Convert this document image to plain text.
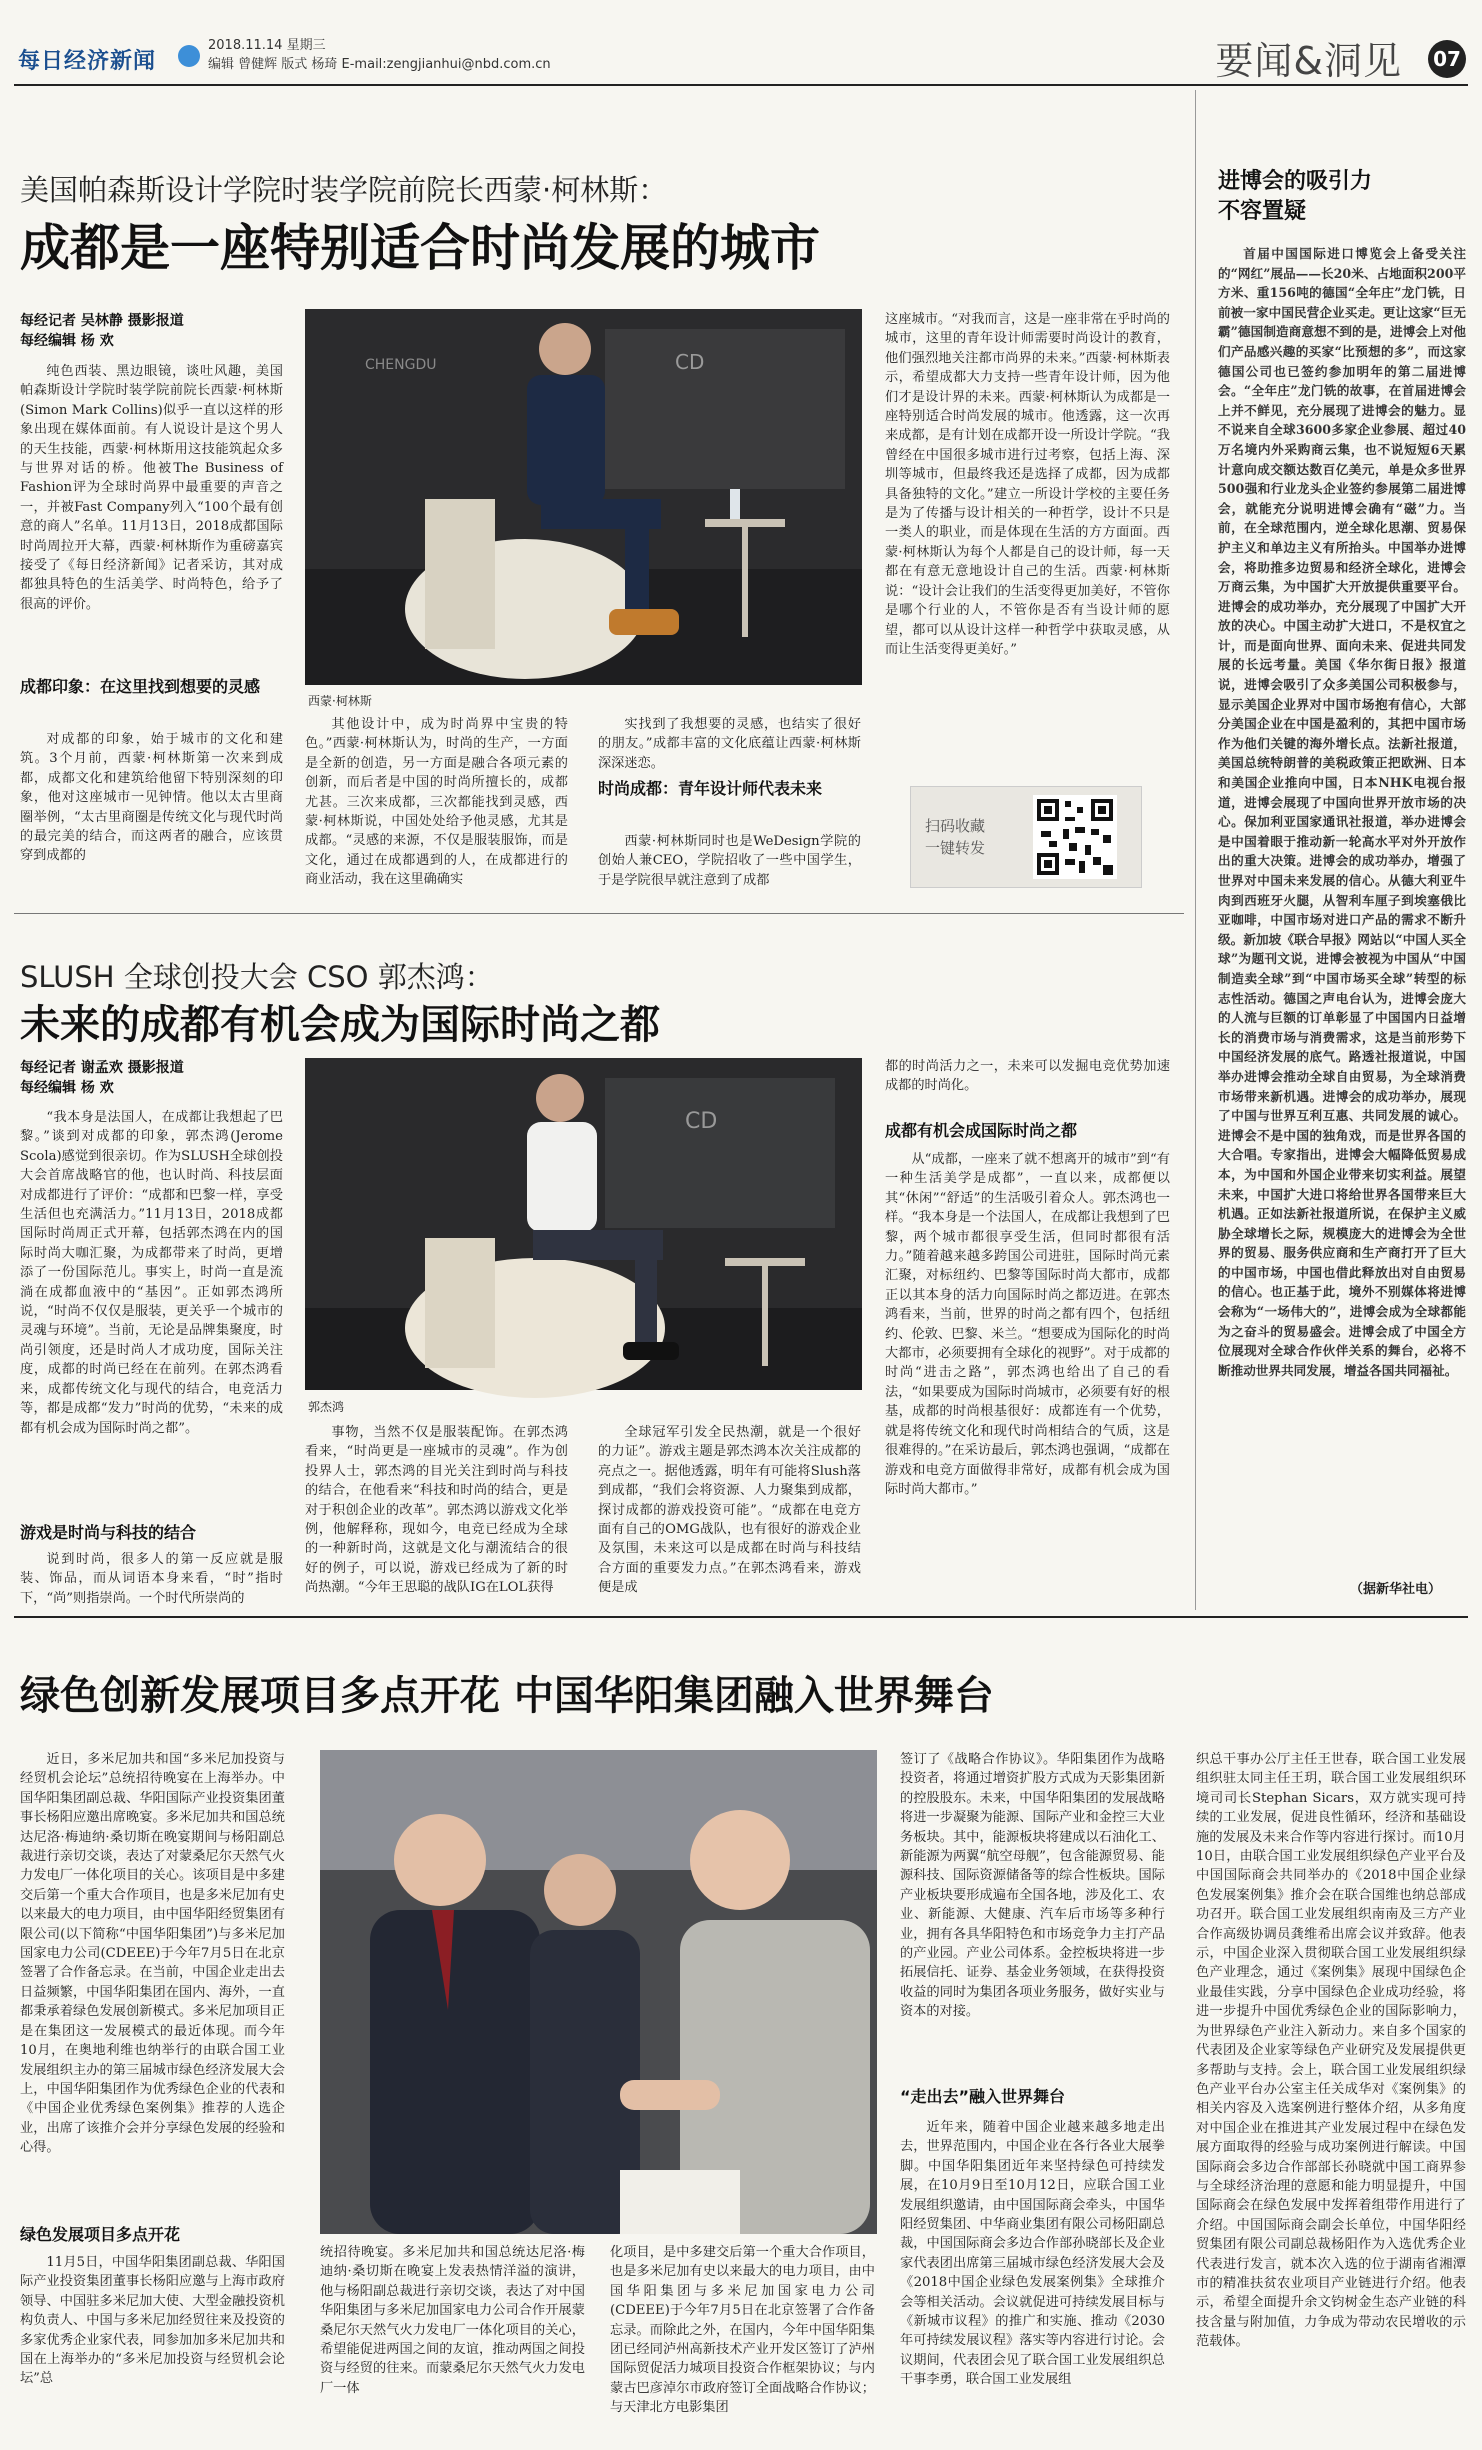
每日经济新闻
2018.11.14 星期三
编辑 曾健辉 版式 杨琦 E-mail:zengjianhui@nbd.com.cn	要闻&洞见 07
美国帕森斯设计学院时装学院前院长西蒙·柯林斯：
成都是一座特别适合时尚发展的城市
每经记者 吴林静 摄影报道
每经编辑 杨 欢
纯色西装、黑边眼镜，谈吐风趣，美国帕森斯设计学院时装学院前院长西蒙·柯林斯(Simon Mark Collins)似乎一直以这样的形象出现在媒体面前。有人说设计是这个男人的天生技能，西蒙·柯林斯用这技能筑起众多与世界对话的桥。他被The Business of Fashion评为全球时尚界中最重要的声音之一，并被Fast Company列入“100个最有创意的商人”名单。11月13日，2018成都国际时尚周拉开大幕，西蒙·柯林斯作为重磅嘉宾接受了《每日经济新闻》记者采访，其对成都独具特色的生活美学、时尚特色，给予了很高的评价。
成都印象：在这里找到想要的灵感
对成都的印象，始于城市的文化和建筑。3个月前，西蒙·柯林斯第一次来到成都，成都文化和建筑给他留下特别深刻的印象，他对这座城市一见钟情。他以太古里商圈举例，“太古里商圈是传统文化与现代时尚的最完美的结合，而这两者的融合，应该贯穿到成都的
CD
CHENGDU
西蒙·柯林斯
其他设计中，成为时尚界中宝贵的特色。”西蒙·柯林斯认为，时尚的生产，一方面是全新的创造，另一方面是融合各项元素的创新，而后者是中国的时尚所擅长的，成都尤甚。三次来成都，三次都能找到灵感，西蒙·柯林斯说，中国处处给予他灵感，尤其是成都。“灵感的来源，不仅是服装服饰，而是文化，通过在成都遇到的人，在成都进行的商业活动，我在这里确确实
实找到了我想要的灵感，也结实了很好的朋友。”成都丰富的文化底蕴让西蒙·柯林斯深深迷恋。
时尚成都：青年设计师代表未来
西蒙·柯林斯同时也是WeDesign学院的创始人兼CEO，学院招收了一些中国学生，于是学院很早就注意到了成都
这座城市。“对我而言，这是一座非常在乎时尚的城市，这里的青年设计师需要时尚设计的教育，他们强烈地关注都市尚界的未来。”西蒙·柯林斯表示，希望成都大力支持一些青年设计师，因为他们才是设计界的未来。西蒙·柯林斯认为成都是一座特别适合时尚发展的城市。他透露，这一次再来成都，是有计划在成都开设一所设计学院。“我曾经在中国很多城市进行过考察，包括上海、深圳等城市，但最终我还是选择了成都，因为成都具备独特的文化。”建立一所设计学校的主要任务是为了传播与设计相关的一种哲学，设计不只是一类人的职业，而是体现在生活的方方面面。西蒙·柯林斯认为每个人都是自己的设计师，每一天都在有意无意地设计自己的生活。西蒙·柯林斯说：“设计会让我们的生活变得更加美好，不管你是哪个行业的人，不管你是否有当设计师的愿望，都可以从设计这样一种哲学中获取灵感，从而让生活变得更美好。”
扫码收藏
一键转发
SLUSH 全球创投大会 CSO 郭杰鸿：
未来的成都有机会成为国际时尚之都
每经记者 谢孟欢 摄影报道
每经编辑 杨 欢
“我本身是法国人，在成都让我想起了巴黎。”谈到对成都的印象，郭杰鸿(Jerome Scola)感觉到很亲切。作为SLUSH全球创投大会首席战略官的他，也认时尚、科技层面对成都进行了评价：“成都和巴黎一样，享受生活但也充满活力。”11月13日，2018成都国际时尚周正式开幕，包括郭杰鸿在内的国际时尚大咖汇聚，为成都带来了时尚，更增添了一份国际范儿。事实上，时尚一直是流淌在成都血液中的“基因”。正如郭杰鸿所说，“时尚不仅仅是服装，更关乎一个城市的灵魂与环境”。当前，无论是品牌集聚度，时尚引领度，还是时尚人才成功度，国际关注度，成都的时尚已经在在前列。在郭杰鸿看来，成都传统文化与现代的结合，电竞活力等，都是成都“发力”时尚的优势，“未来的成都有机会成为国际时尚之都”。
游戏是时尚与科技的结合
说到时尚，很多人的第一反应就是服装、饰品，而从词语本身来看，“时”指时下，“尚”则指崇尚。一个时代所崇尚的
CD
郭杰鸿
事物，当然不仅是服装配饰。在郭杰鸿看来，“时尚更是一座城市的灵魂”。作为创投界人士，郭杰鸿的目光关注到时尚与科技的结合，在他看来“科技和时尚的结合，更是对于积创企业的改革”。郭杰鸿以游戏文化举例，他解释称，现如今，电竞已经成为全球的一种新时尚，这就是文化与潮流结合的很好的例子，可以说，游戏已经成为了新的时尚热潮。“今年王思聪的战队IG在LOL获得
全球冠军引发全民热潮，就是一个很好的力证”。游戏主题是郭杰鸿本次关注成都的亮点之一。据他透露，明年有可能将Slush落到成都，“我们会将资源、人力聚集到成都，探讨成都的游戏投资可能”。“成都在电竞方面有自己的OMG战队，也有很好的游戏企业及氛围，未来这可以是成都在时尚与科技结合方面的重要发力点。”在郭杰鸿看来，游戏便是成
都的时尚活力之一，未来可以发掘电竞优势加速成都的时尚化。
成都有机会成国际时尚之都
从“成都，一座来了就不想离开的城市”到“有一种生活美学是成都”，一直以来，成都便以其“休闲”“舒适”的生活吸引着众人。郭杰鸿也一样。“我本身是一个法国人，在成都让我想到了巴黎，两个城市都很享受生活，但同时都很有活力。”随着越来越多跨国公司进驻，国际时尚元素汇聚，对标纽约、巴黎等国际时尚大都市，成都正以其本身的活力向国际时尚之都迈进。在郭杰鸿看来，当前，世界的时尚之都有四个，包括纽约、伦敦、巴黎、米兰。“想要成为国际化的时尚大都市，必须要拥有全球化的视野”。对于成都的时尚“进击之路”，郭杰鸿也给出了自己的看法，“如果要成为国际时尚城市，必须要有好的根基，成都的时尚根基很好：成都连有一个优势，就是将传统文化和现代时尚相结合的气质，这是很难得的。”在采访最后，郭杰鸿也强调，“成都在游戏和电竞方面做得非常好，成都有机会成为国际时尚大都市。”
进博会的吸引力
不容置疑
首届中国国际进口博览会上备受关注的“网红”展品——长20米、占地面积200平方米、重156吨的德国“全年庄”龙门铣，日前被一家中国民营企业买走。更让这家“巨无霸”德国制造商意想不到的是，进博会上对他们产品感兴趣的买家“比预想的多”，而这家德国公司也已签约参加明年的第二届进博会。“全年庄”龙门铣的故事，在首届进博会上并不鲜见，充分展现了进博会的魅力。显不说来自全球3600多家企业参展、超过40万名境内外采购商云集，也不说短短6天累计意向成交额达数百亿美元，单是众多世界500强和行业龙头企业签约参展第二届进博会，就能充分说明进博会确有“磁”力。当前，在全球范围内，逆全球化思潮、贸易保护主义和单边主义有所抬头。中国举办进博会，将助推多边贸易和经济全球化，进博会万商云集，为中国扩大开放提供重要平台。进博会的成功举办，充分展现了中国扩大开放的决心。中国主动扩大进口，不是权宜之计，而是面向世界、面向未来、促进共同发展的长远考量。美国《华尔街日报》报道说，进博会吸引了众多美国公司积极参与，显示美国企业界对中国市场抱有信心，大部分美国企业在中国是盈利的，其把中国市场作为他们关键的海外增长点。法新社报道，美国总统特朗普的美税政策正把欧洲、日本和美国企业推向中国，日本NHK电视台报道，进博会展现了中国向世界开放市场的决心。保加利亚国家通讯社报道，举办进博会是中国着眼于推动新一轮高水平对外开放作出的重大决策。进博会的成功举办，增强了世界对中国未来发展的信心。从德大利亚牛肉到西班牙火腿，从智利车厘子到埃塞俄比亚咖啡，中国市场对进口产品的需求不断升级。新加坡《联合早报》网站以“中国人买全球”为题刊文说，进博会被视为中国从“中国制造卖全球”到“中国市场买全球”转型的标志性活动。德国之声电台认为，进博会庞大的人流与巨额的订单彰显了中国国内日益增长的消费市场与消费需求，这是当前形势下中国经济发展的底气。路透社报道说，中国举办进博会推动全球自由贸易，为全球消费市场带来新机遇。进博会的成功举办，展现了中国与世界互利互惠、共同发展的诚心。进博会不是中国的独角戏，而是世界各国的大合唱。专家指出，进博会大幅降低贸易成本，为中国和外国企业带来切实利益。展望未来，中国扩大进口将给世界各国带来巨大机遇。正如法新社报道所说，在保护主义威胁全球增长之际，规模庞大的进博会为全世界的贸易、服务供应商和生产商打开了巨大的中国市场，中国也借此释放出对自由贸易的信心。也正基于此，境外不别媒体将进博会称为“一场伟大的”，进博会成为全球都能为之奋斗的贸易盛会。进博会成了中国全方位展现对全球合作伙伴关系的舞台，必将不断推动世界共同发展，增益各国共同福祉。
（据新华社电）
绿色创新发展项目多点开花 中国华阳集团融入世界舞台
近日，多米尼加共和国“多米尼加投资与经贸机会论坛”总统招待晚宴在上海举办。中国华阳集团副总裁、华阳国际产业投资集团董事长杨阳应邀出席晚宴。多米尼加共和国总统达尼洛·梅迪纳·桑切斯在晚宴期间与杨阳副总裁进行亲切交谈，表达了对蒙桑尼尔天然气火力发电厂一体化项目的关心。该项目是中多建交后第一个重大合作项目，也是多米尼加有史以来最大的电力项目，由中国华阳经贸集团有限公司(以下简称“中国华阳集团”)与多米尼加国家电力公司(CDEEE)于今年7月5日在北京签署了合作备忘录。在当前，中国企业走出去日益频繁，中国华阳集团在国内、海外，一直都秉承着绿色发展创新模式。多米尼加项目正是在集团这一发展模式的最近体现。而今年10月，在奥地利维也纳举行的由联合国工业发展组织主办的第三届城市绿色经济发展大会上，中国华阳集团作为优秀绿色企业的代表和《中国企业优秀绿色案例集》推荐的人选企业，出席了该推介会并分享绿色发展的经验和心得。
绿色发展项目多点开花
11月5日，中国华阳集团副总裁、华阳国际产业投资集团董事长杨阳应邀与上海市政府领导、中国驻多米尼加大使、大型金融投资机构负责人、中国与多米尼加经贸往来及投资的多家优秀企业家代表，同参加加多米尼加共和国在上海举办的“多米尼加投资与经贸机会论坛”总
统招待晚宴。多米尼加共和国总统达尼洛·梅迪纳·桑切斯在晚宴上发表热情洋溢的演讲，他与杨阳副总裁进行亲切交谈，表达了对中国华阳集团与多米尼加国家电力公司合作开展蒙桑尼尔天然气火力发电厂一体化项目的关心，希望能促进两国之间的友谊，推动两国之间投资与经贸的往来。而蒙桑尼尔天然气火力发电厂一体
化项目，是中多建交后第一个重大合作项目，也是多米尼加有史以来最大的电力项目，由中国华阳集团与多米尼加国家电力公司(CDEEE)于今年7月5日在北京签署了合作备忘录。而除此之外，在国内，今年中国华阳集团已经同泸州高新技术产业开发区签订了泸州国际贸促活力城项目投资合作框架协议；与内蒙古巴彦淖尔市政府签订全面战略合作协议；与天津北方电影集团
签订了《战略合作协议》。华阳集团作为战略投资者，将通过增资扩股方式成为天影集团新的控股股东。未来，中国华阳集团的发展战略将进一步凝聚为能源、国际产业和金控三大业务板块。其中，能源板块将建成以石油化工、新能源为两翼“航空母舰”，包含能源贸易、能源科技、国际资源储备等的综合性板块。国际产业板块要形成遍布全国各地，涉及化工、农业、新能源、大健康、汽车后市场等多种行业，拥有各具华阳特色和市场竞争力主打产品的产业园。产业公司体系。金控板块将进一步拓展信托、证券、基金业务领域，在获得投资收益的同时为集团各项业务服务，做好实业与资本的对接。
“走出去”融入世界舞台
近年来，随着中国企业越来越多地走出去，世界范围内，中国企业在各行各业大展拳脚。中国华阳集团近年来坚持绿色可持续发展，在10月9日至10月12日，应联合国工业发展组织邀请，由中国国际商会牵头，中国华阳经贸集团、中华商业集团有限公司杨阳副总裁，中国国际商会多边合作部孙晓部长及企业家代表团出席第三届城市绿色经济发展大会及《2018中国企业绿色发展案例集》全球推介会等相关活动。会议就促进可持续发展目标与《新城市议程》的推广和实施、推动《2030年可持续发展议程》落实等内容进行讨论。会议期间，代表团会见了联合国工业发展组织总干事李勇，联合国工业发展组
织总干事办公厅主任王世春，联合国工业发展组织驻太同主任王玥，联合国工业发展组织环境司司长Stephan Sicars，双方就实现可持续的工业发展，促进良性循环，经济和基础设施的发展及未来合作等内容进行探讨。而10月10日，由联合国工业发展组织绿色产业平台及中国国际商会共同举办的《2018中国企业绿色发展案例集》推介会在联合国维也纳总部成功召开。联合国工业发展组织南南及三方产业合作高级协调员龚维希出席会议并致辞。他表示，中国企业深入贯彻联合国工业发展组织绿色产业理念，通过《案例集》展现中国绿色企业最佳实践，分享中国绿色企业成功经验，将进一步提升中国优秀绿色企业的国际影响力，为世界绿色产业注入新动力。来自多个国家的代表团及企业家等绿色产业研究及发展提供更多帮助与支持。会上，联合国工业发展组织绿色产业平台办公室主任关成华对《案例集》的相关内容及入选案例进行整体介绍，从多角度对中国企业在推进其产业发展过程中在绿色发展方面取得的经验与成功案例进行解读。中国国际商会多边合作部部长孙晓就中国工商界参与全球经济治理的意愿和能力明显提升，中国国际商会在绿色发展中发挥着组带作用进行了介绍。中国国际商会副会长单位，中国华阳经贸集团有限公司副总裁杨阳作为入选优秀企业代表进行发言，就本次入选的位于湖南省湘潭市的精准扶贫农业项目产业链进行介绍。他表示，希望全面提升余文钧树金生态产业链的科技含量与附加值，力争成为带动农民增收的示范载体。
